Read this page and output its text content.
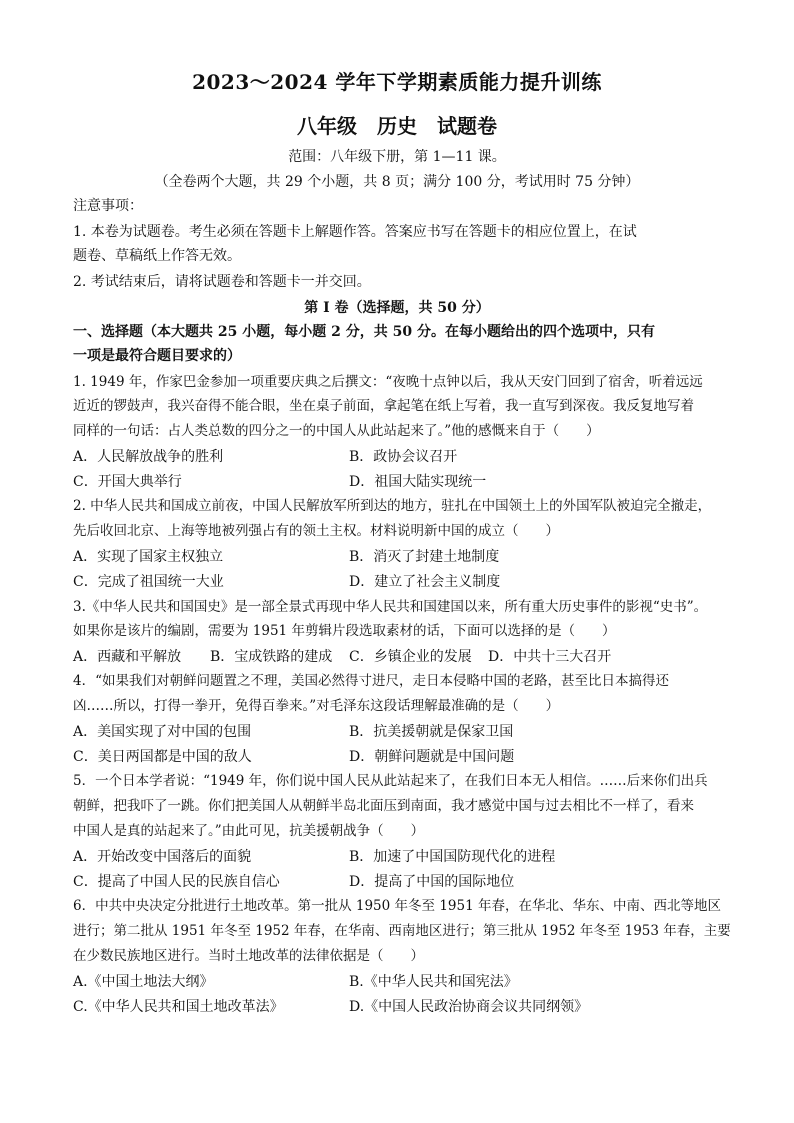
2023～2024 学年下学期素质能力提升训练
八年级　历史　试题卷
范围：八年级下册，第 1—11 课。
（全卷两个大题，共 29 个小题，共 8 页；满分 100 分，考试用时 75 分钟）
注意事项：
1. 本卷为试题卷。考生必须在答题卡上解题作答。答案应书写在答题卡的相应位置上，在试
题卷、草稿纸上作答无效。
2. 考试结束后，请将试题卷和答题卡一并交回。
第 I 卷（选择题，共 50 分）
一、选择题（本大题共 25 小题，每小题 2 分，共 50 分。在每小题给出的四个选项中，只有
一项是最符合题目要求的）
1. 1949 年，作家巴金参加一项重要庆典之后撰文：“夜晚十点钟以后，我从天安门回到了宿舍，听着远远
近近的锣鼓声，我兴奋得不能合眼，坐在桌子前面，拿起笔在纸上写着，我一直写到深夜。我反复地写着
同样的一句话：占人类总数的四分之一的中国人从此站起来了。”他的感慨来自于（　　）
A．人民解放战争的胜利	B．政协会议召开
C．开国大典举行	D．祖国大陆实现统一
2. 中华人民共和国成立前夜，中国人民解放军所到达的地方，驻扎在中国领土上的外国军队被迫完全撤走，
先后收回北京、上海等地被列强占有的领土主权。材料说明新中国的成立（　　）
A．实现了国家主权独立	B．消灭了封建土地制度
C．完成了祖国统一大业	D．建立了社会主义制度
3.《中华人民共和国国史》是一部全景式再现中华人民共和国建国以来，所有重大历史事件的影视“史书”。
如果你是该片的编剧，需要为 1951 年剪辑片段选取素材的话，下面可以选择的是（　　）
A．西藏和平解放 B．宝成铁路的建成 C．乡镇企业的发展 D．中共十三大召开
4．“如果我们对朝鲜问题置之不理，美国必然得寸进尺，走日本侵略中国的老路，甚至比日本搞得还
凶……所以，打得一拳开，免得百拳来。”对毛泽东这段话理解最准确的是（　　）
A．美国实现了对中国的包围	B．抗美援朝就是保家卫国
C．美日两国都是中国的敌人	D．朝鲜问题就是中国问题
5．一个日本学者说：“1949 年，你们说中国人民从此站起来了，在我们日本无人相信。……后来你们出兵
朝鲜，把我吓了一跳。你们把美国人从朝鲜半岛北面压到南面，我才感觉中国与过去相比不一样了，看来
中国人是真的站起来了。”由此可见，抗美援朝战争（　　）
A．开始改变中国落后的面貌	B．加速了中国国防现代化的进程
C．提高了中国人民的民族自信心	D．提高了中国的国际地位
6．中共中央决定分批进行土地改革。第一批从 1950 年冬至 1951 年春，在华北、华东、中南、西北等地区
进行；第二批从 1951 年冬至 1952 年春，在华南、西南地区进行；第三批从 1952 年冬至 1953 年春，主要
在少数民族地区进行。当时土地改革的法律依据是（　　）
A.《中国土地法大纲》	B.《中华人民共和国宪法》
C.《中华人民共和国土地改革法》	D.《中国人民政治协商会议共同纲领》
